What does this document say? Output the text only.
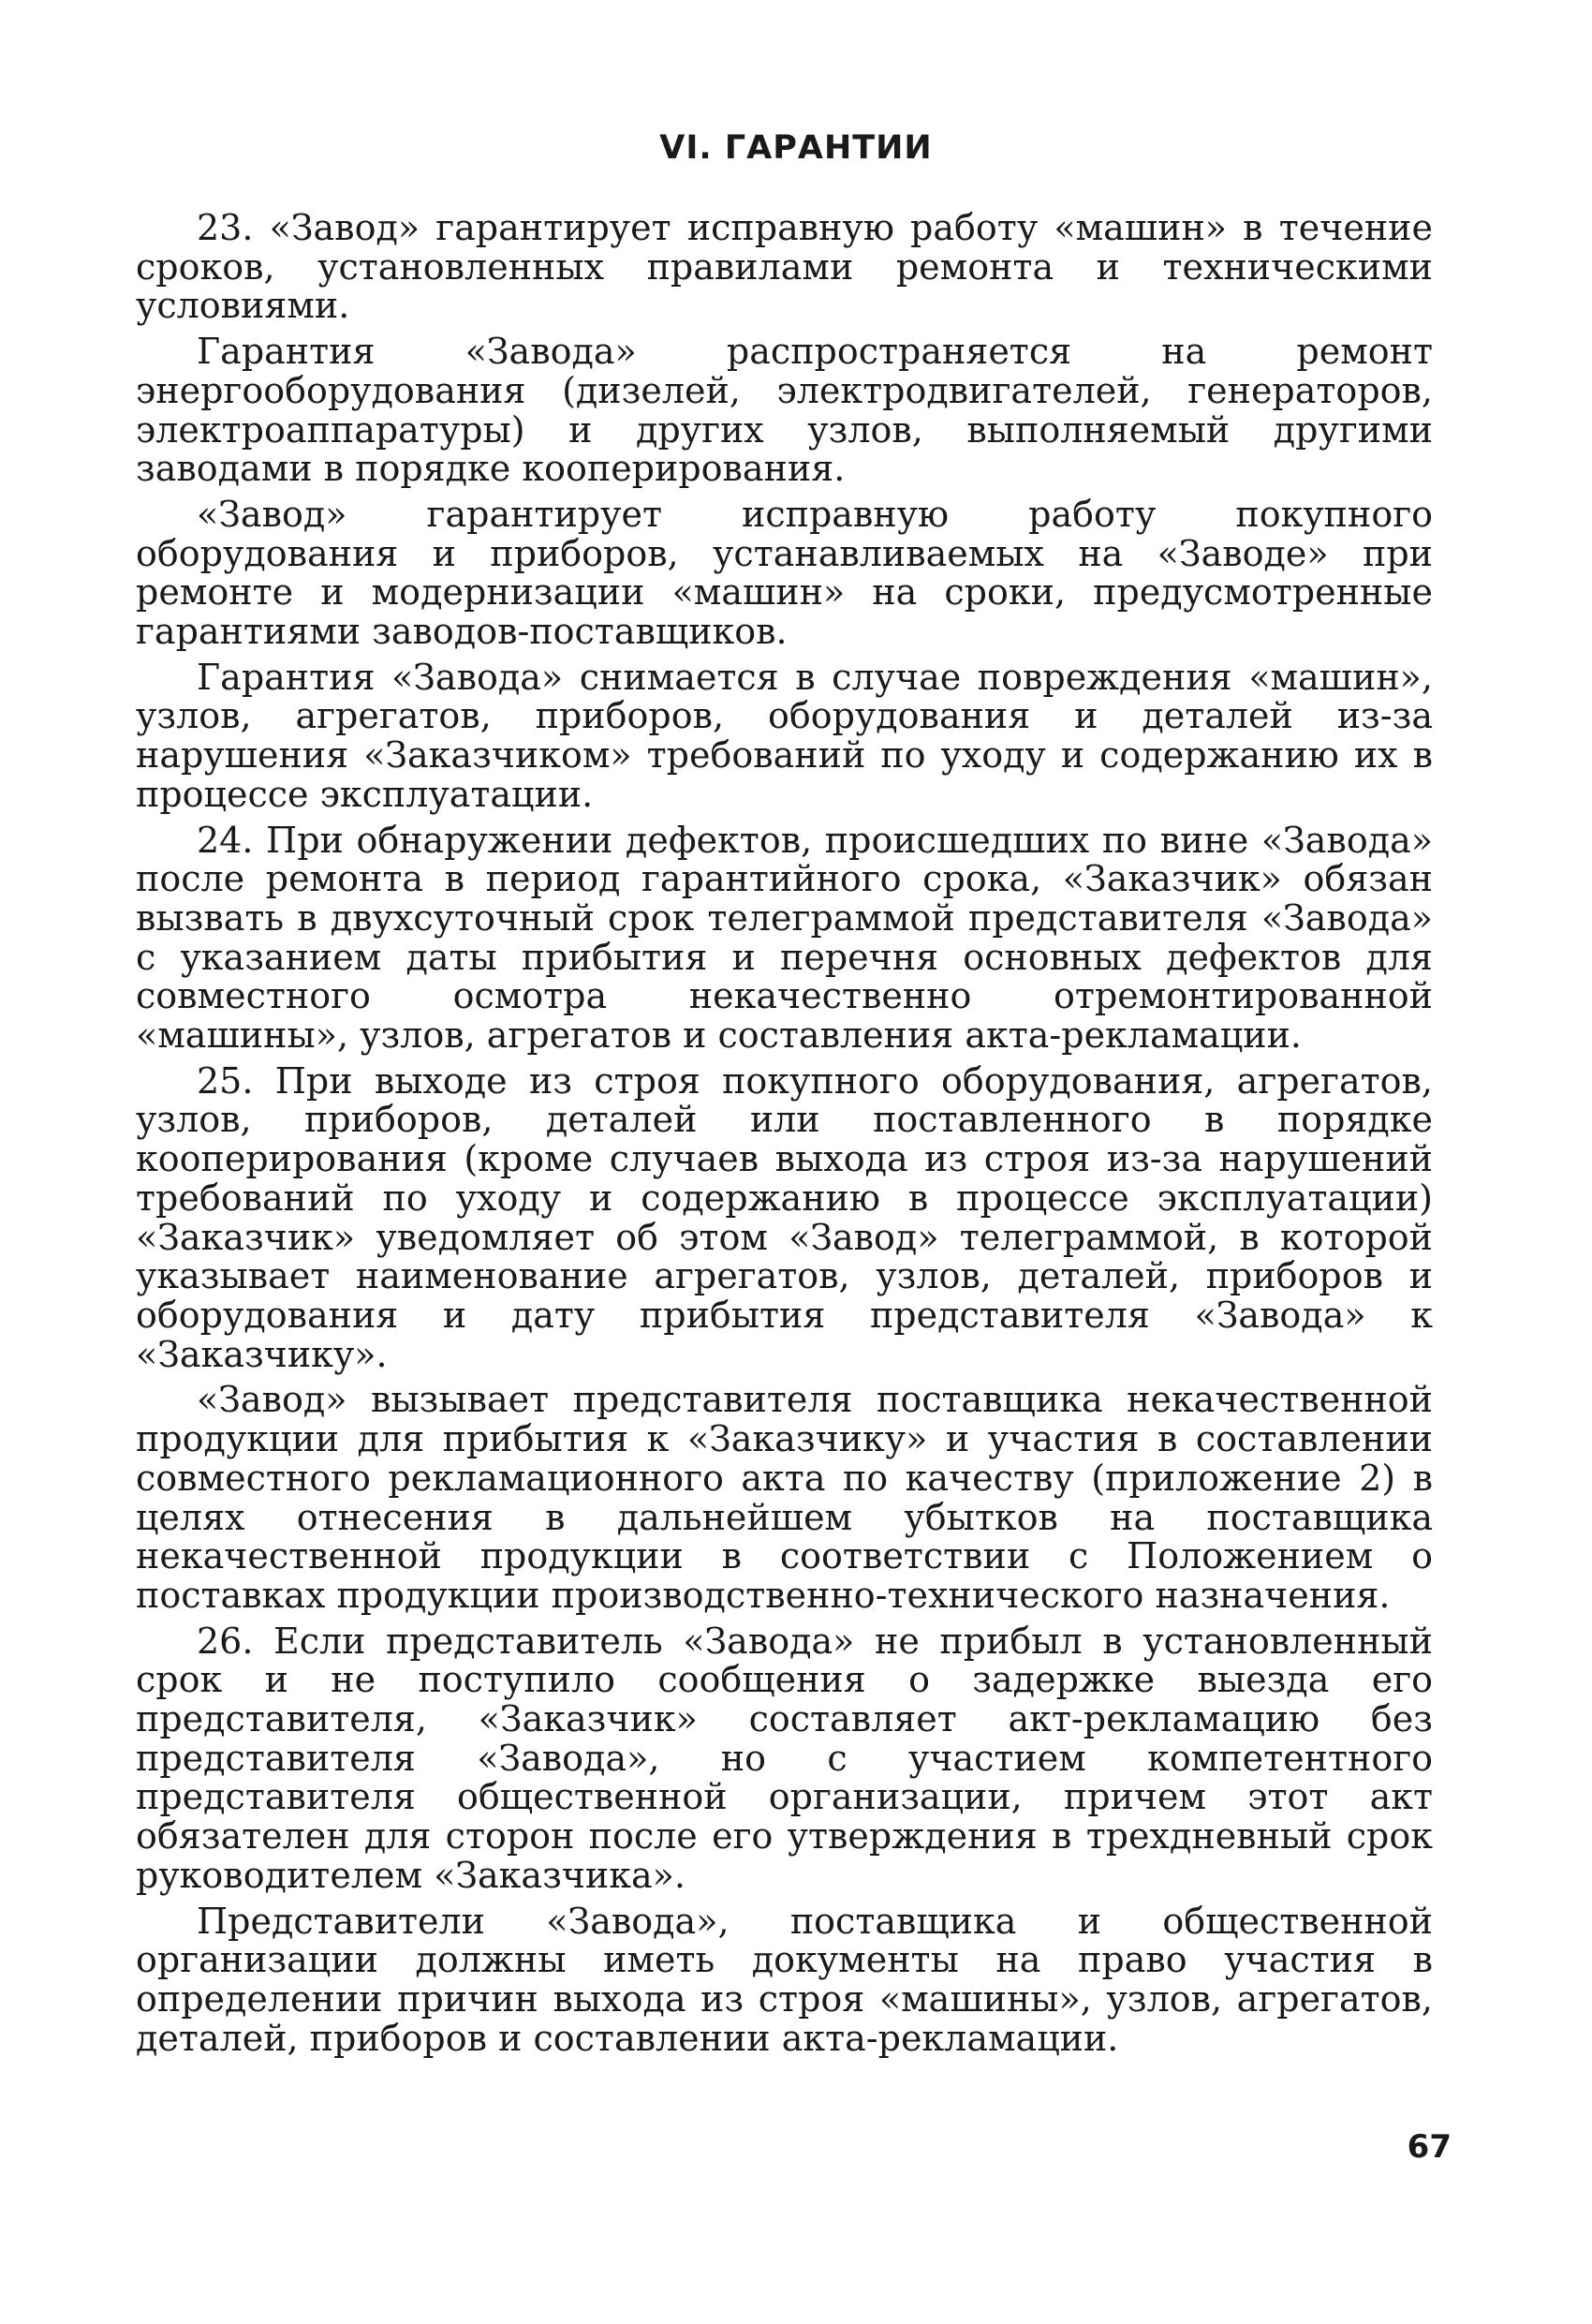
VI. ГАРАНТИИ

23. «Завод» гарантирует исправную работу «машин» в течение сроков, установленных правилами ремонта и техническими условиями.

Гарантия «Завода» распространяется на ремонт энергооборудования (дизелей, электродвигателей, генераторов, электроаппаратуры) и других узлов, выполняемый другими заводами в порядке кооперирования.

«Завод» гарантирует исправную работу покупного оборудования и приборов, устанавливаемых на «Заводе» при ремонте и модернизации «машин» на сроки, предусмотренные гарантиями заводов-поставщиков.

Гарантия «Завода» снимается в случае повреждения «машин», узлов, агрегатов, приборов, оборудования и деталей из-за нарушения «Заказчиком» требований по уходу и содержанию их в процессе эксплуатации.

24. При обнаружении дефектов, происшедших по вине «Завода» после ремонта в период гарантийного срока, «Заказчик» обязан вызвать в двухсуточный срок телеграммой представителя «Завода» с указанием даты прибытия и перечня основных дефектов для совместного осмотра некачественно отремонтированной «машины», узлов, агрегатов и составления акта-рекламации.

25. При выходе из строя покупного оборудования, агрегатов, узлов, приборов, деталей или поставленного в порядке кооперирования (кроме случаев выхода из строя из-за нарушений требований по уходу и содержанию в процессе эксплуатации) «Заказчик» уведомляет об этом «Завод» телеграммой, в которой указывает наименование агрегатов, узлов, деталей, приборов и оборудования и дату прибытия представителя «Завода» к «Заказчику».

«Завод» вызывает представителя поставщика некачественной продукции для прибытия к «Заказчику» и участия в составлении совместного рекламационного акта по качеству (приложение 2) в целях отнесения в дальнейшем убытков на поставщика некачественной продукции в соответствии с Положением о поставках продукции производственно-технического назначения.

26. Если представитель «Завода» не прибыл в установленный срок и не поступило сообщения о задержке выезда его представителя, «Заказчик» составляет акт-рекламацию без представителя «Завода», но с участием компетентного представителя общественной организации, причем этот акт обязателен для сторон после его утверждения в трехдневный срок руководителем «Заказчика».

Представители «Завода», поставщика и общественной организации должны иметь документы на право участия в определении причин выхода из строя «машины», узлов, агрегатов, деталей, приборов и составлении акта-рекламации.

67
